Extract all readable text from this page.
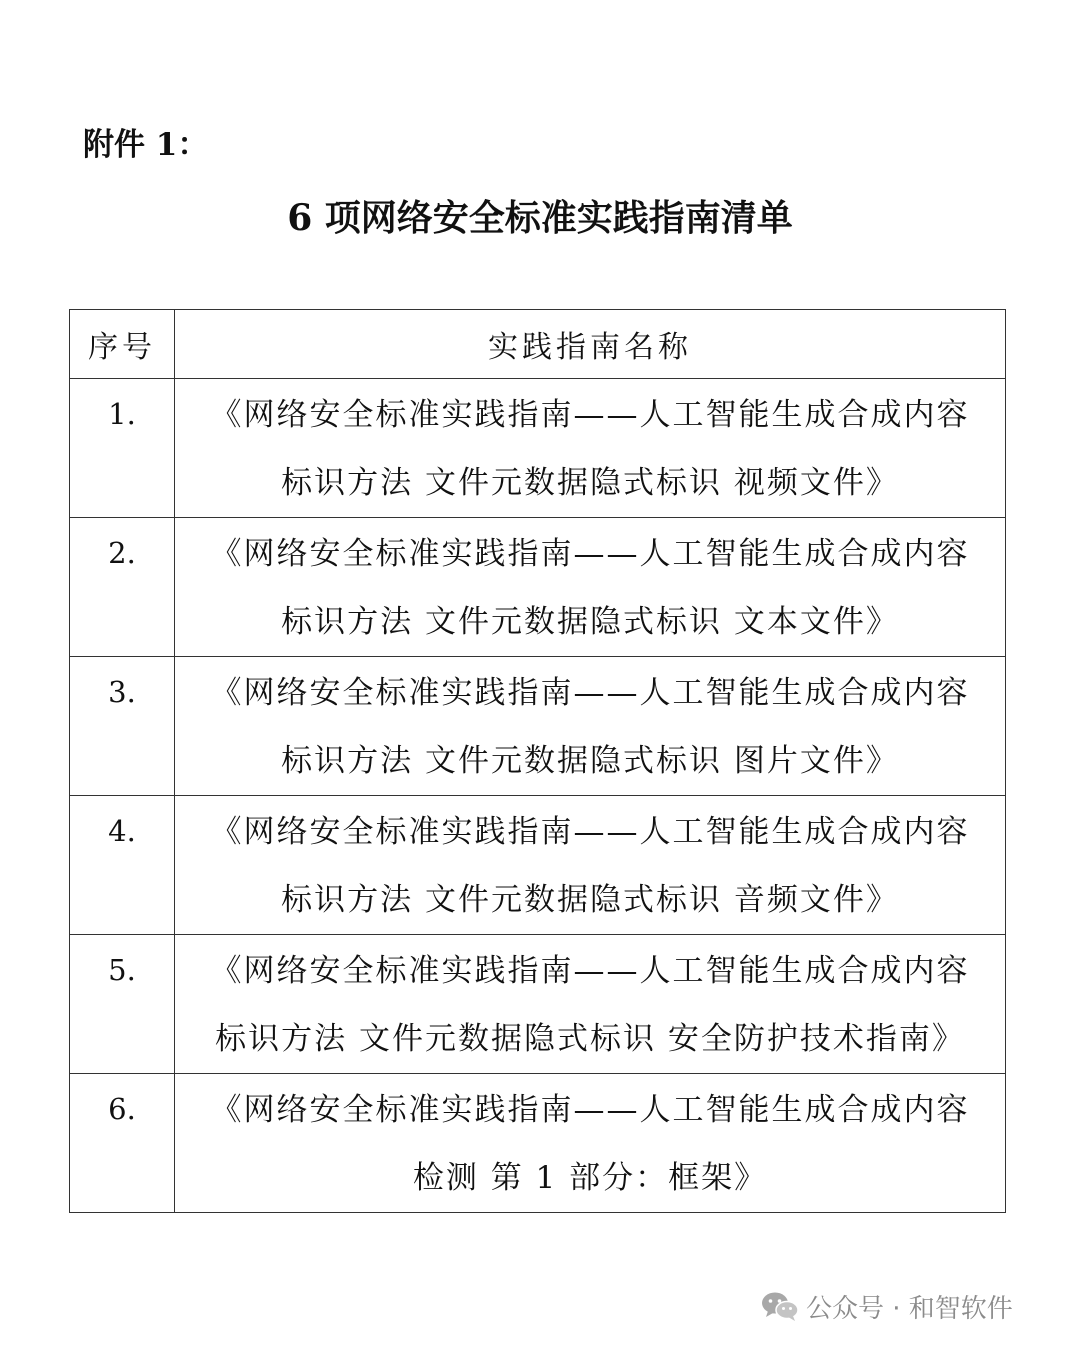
附件 1：
6 项网络安全标准实践指南清单
序号	实践指南名称
1.	《网络安全标准实践指南——人工智能生成合成内容
标识方法 文件元数据隐式标识 视频文件》

2.	《网络安全标准实践指南——人工智能生成合成内容
标识方法 文件元数据隐式标识 文本文件》

3.	《网络安全标准实践指南——人工智能生成合成内容
标识方法 文件元数据隐式标识 图片文件》

4.	《网络安全标准实践指南——人工智能生成合成内容
标识方法 文件元数据隐式标识 音频文件》

5.	《网络安全标准实践指南——人工智能生成合成内容
标识方法 文件元数据隐式标识 安全防护技术指南》

6.	《网络安全标准实践指南——人工智能生成合成内容
检测 第 1 部分：框架》
公众号 · 和智软件
